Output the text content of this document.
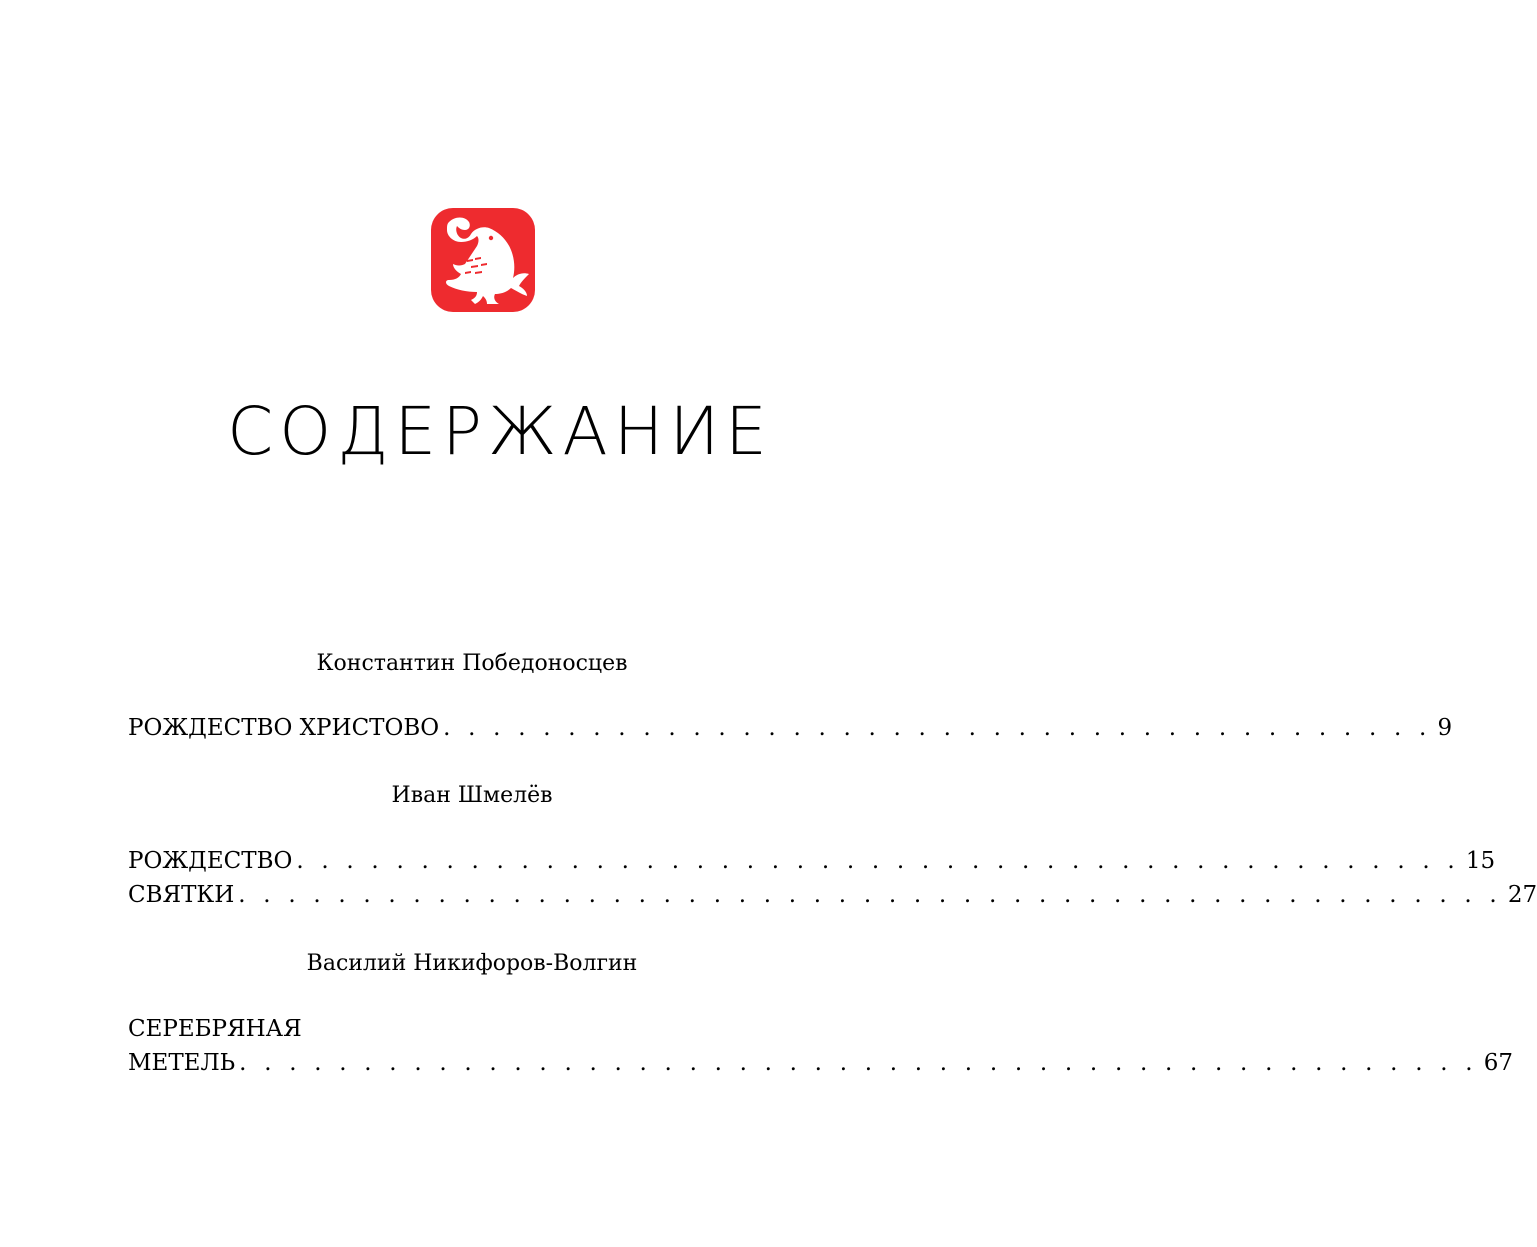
СОДЕРЖАНИЕ
Константин Победоносцев
РОЖДЕСТВО ХРИСТОВО . . . . . . . . . . . . . . . . . . . . . . . . . . . . . . . . . . . . . . . . 9
Иван Шмелёв
РОЖДЕСТВО . . . . . . . . . . . . . . . . . . . . . . . . . . . . . . . . . . . . . . . . . . . . . . . 15
СВЯТКИ . . . . . . . . . . . . . . . . . . . . . . . . . . . . . . . . . . . . . . . . . . . . . . . . . . . 27
Василий Никифоров-Волгин
СЕРЕБРЯНАЯ
МЕТЕЛЬ . . . . . . . . . . . . . . . . . . . . . . . . . . . . . . . . . . . . . . . . . . . . . . . . . . 67
